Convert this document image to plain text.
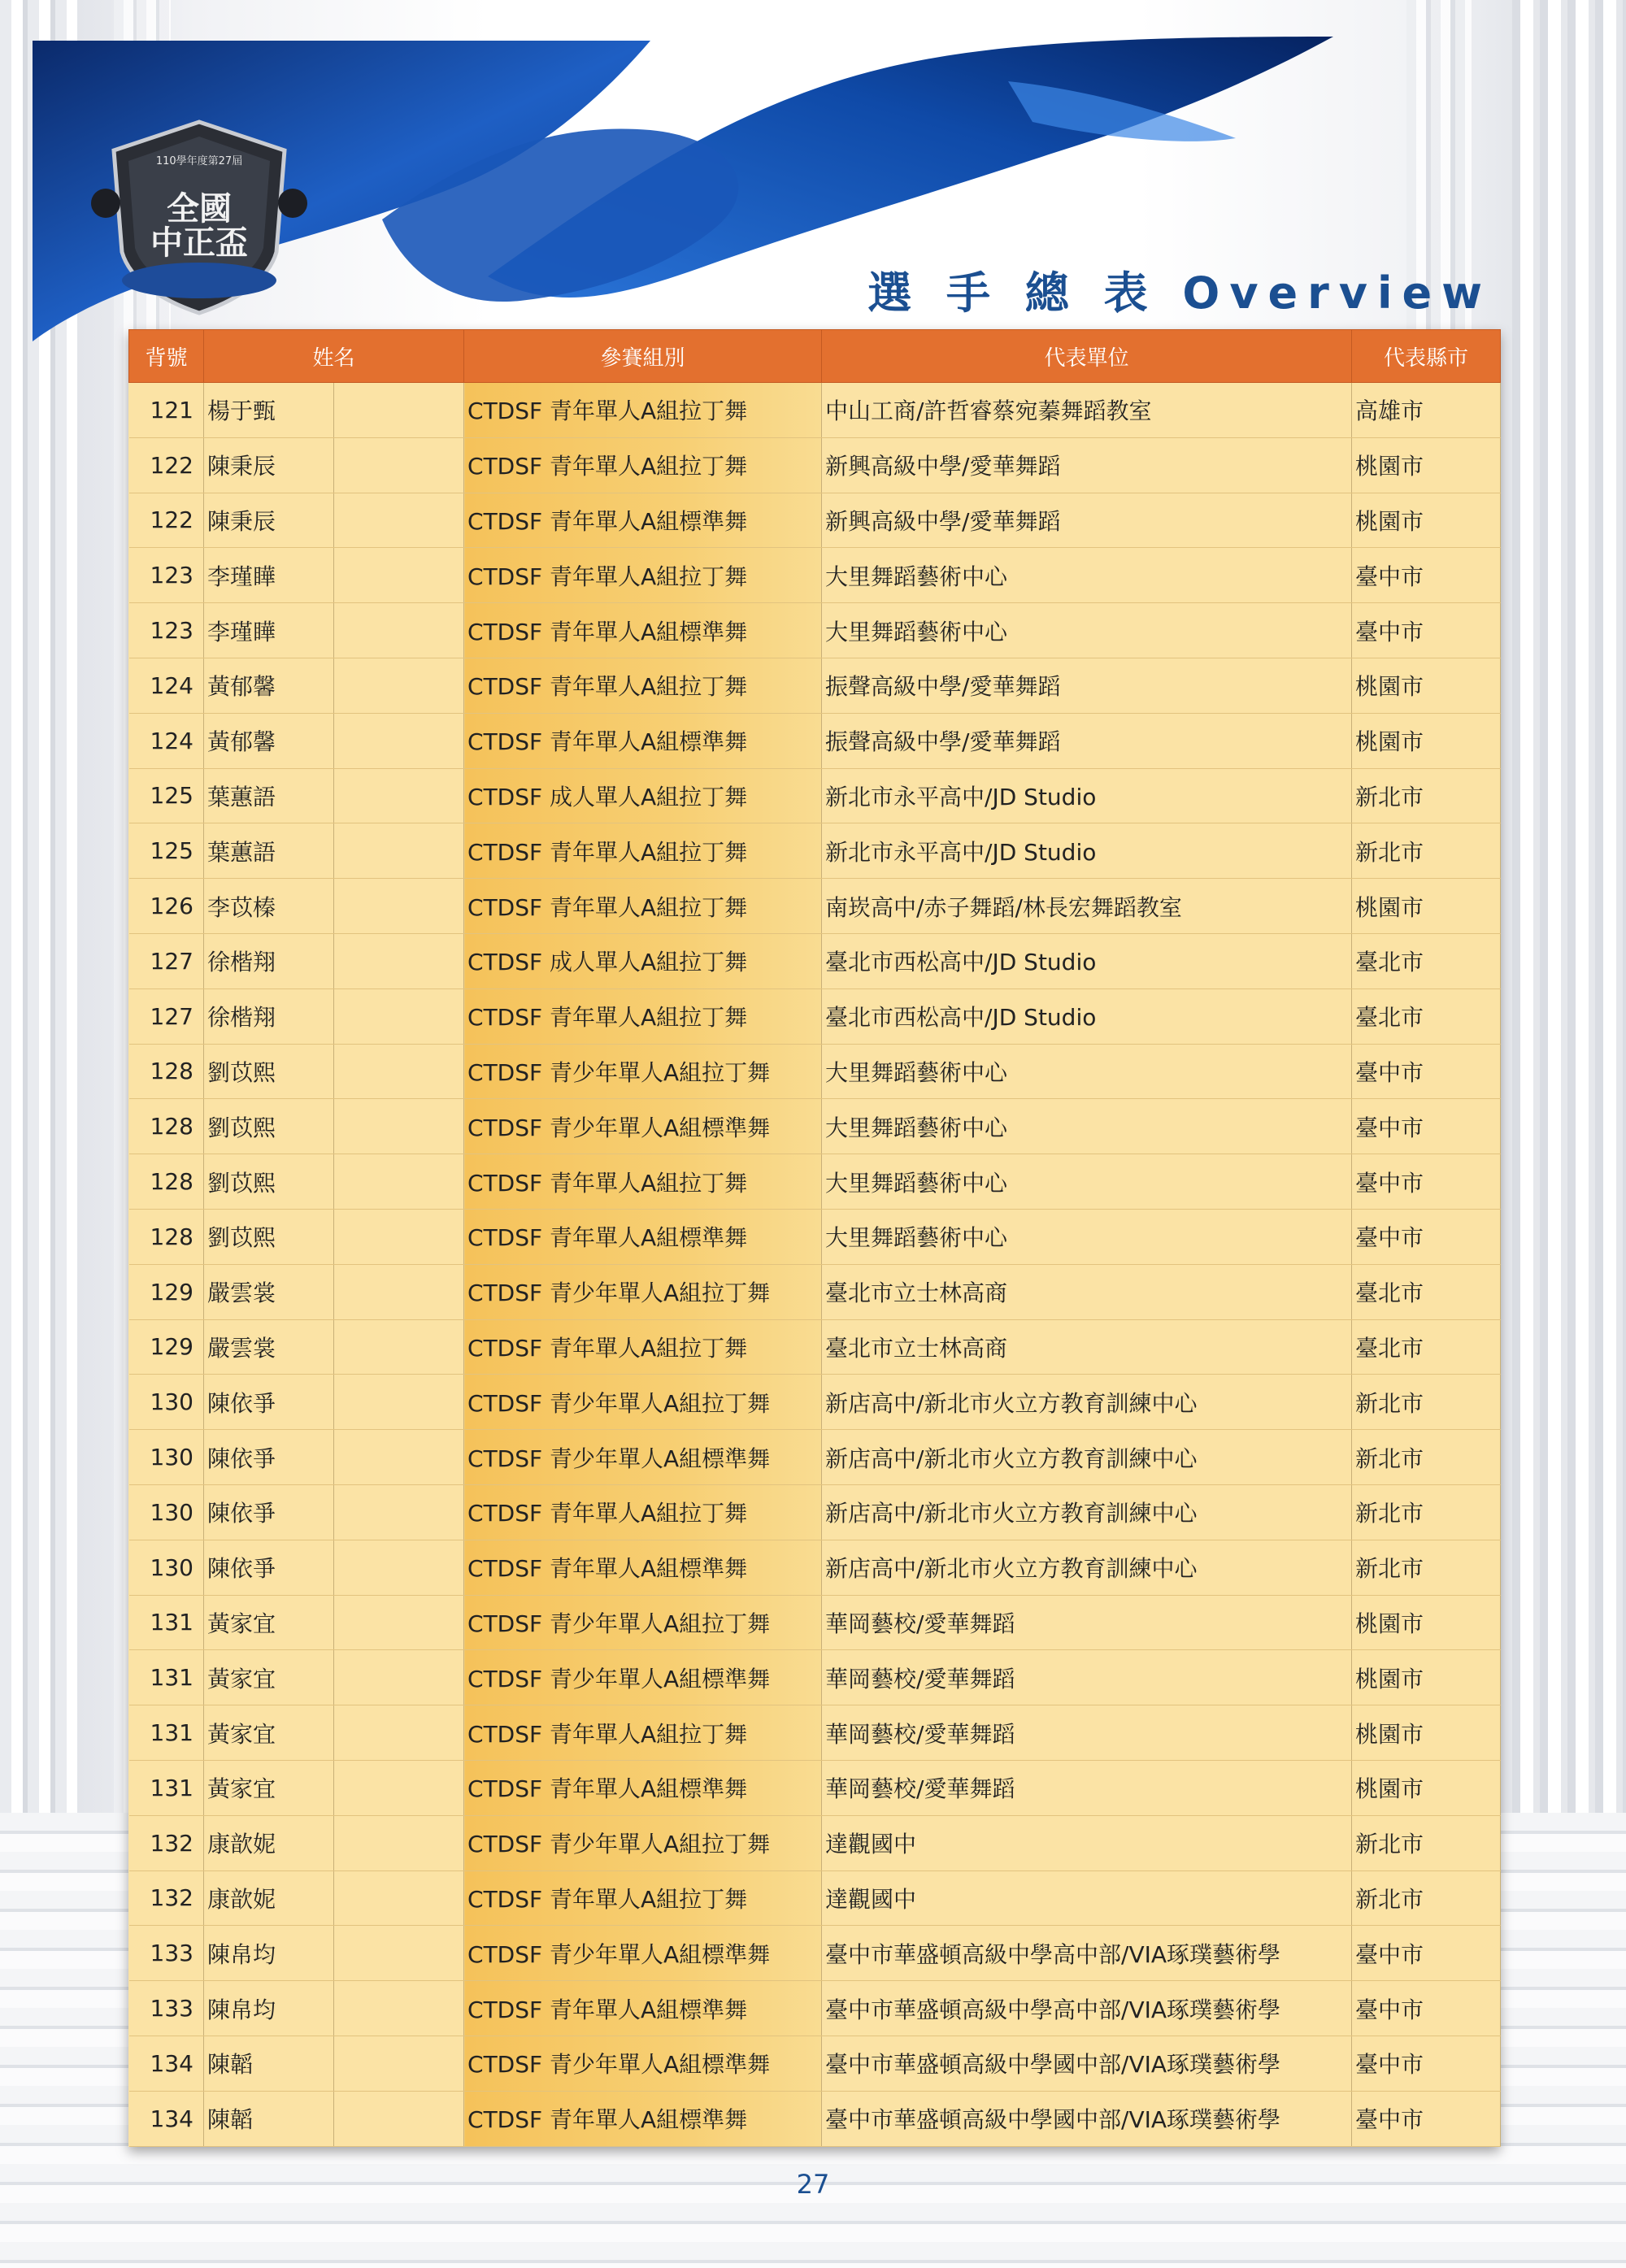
110學年度第27屆
全國
中正盃
選 手 總 表 Overview
背號	姓名		參賽組別	代表單位	代表縣市
121	楊于甄		CTDSF 青年單人A組拉丁舞	中山工商/許哲睿蔡宛蓁舞蹈教室	高雄市
122	陳秉辰		CTDSF 青年單人A組拉丁舞	新興高級中學/愛華舞蹈	桃園市
122	陳秉辰		CTDSF 青年單人A組標準舞	新興高級中學/愛華舞蹈	桃園市
123	李瑾瞱		CTDSF 青年單人A組拉丁舞	大里舞蹈藝術中心	臺中市
123	李瑾瞱		CTDSF 青年單人A組標準舞	大里舞蹈藝術中心	臺中市
124	黃郁馨		CTDSF 青年單人A組拉丁舞	振聲高級中學/愛華舞蹈	桃園市
124	黃郁馨		CTDSF 青年單人A組標準舞	振聲高級中學/愛華舞蹈	桃園市
125	葉蕙語		CTDSF 成人單人A組拉丁舞	新北市永平高中/JD Studio	新北市
125	葉蕙語		CTDSF 青年單人A組拉丁舞	新北市永平高中/JD Studio	新北市
126	李苡榛		CTDSF 青年單人A組拉丁舞	南崁高中/赤子舞蹈/林長宏舞蹈教室	桃園市
127	徐楷翔		CTDSF 成人單人A組拉丁舞	臺北市西松高中/JD Studio	臺北市
127	徐楷翔		CTDSF 青年單人A組拉丁舞	臺北市西松高中/JD Studio	臺北市
128	劉苡熙		CTDSF 青少年單人A組拉丁舞	大里舞蹈藝術中心	臺中市
128	劉苡熙		CTDSF 青少年單人A組標準舞	大里舞蹈藝術中心	臺中市
128	劉苡熙		CTDSF 青年單人A組拉丁舞	大里舞蹈藝術中心	臺中市
128	劉苡熙		CTDSF 青年單人A組標準舞	大里舞蹈藝術中心	臺中市
129	嚴雲裳		CTDSF 青少年單人A組拉丁舞	臺北市立士林高商	臺北市
129	嚴雲裳		CTDSF 青年單人A組拉丁舞	臺北市立士林高商	臺北市
130	陳依爭		CTDSF 青少年單人A組拉丁舞	新店高中/新北市火立方教育訓練中心	新北市
130	陳依爭		CTDSF 青少年單人A組標準舞	新店高中/新北市火立方教育訓練中心	新北市
130	陳依爭		CTDSF 青年單人A組拉丁舞	新店高中/新北市火立方教育訓練中心	新北市
130	陳依爭		CTDSF 青年單人A組標準舞	新店高中/新北市火立方教育訓練中心	新北市
131	黃家宜		CTDSF 青少年單人A組拉丁舞	華岡藝校/愛華舞蹈	桃園市
131	黃家宜		CTDSF 青少年單人A組標準舞	華岡藝校/愛華舞蹈	桃園市
131	黃家宜		CTDSF 青年單人A組拉丁舞	華岡藝校/愛華舞蹈	桃園市
131	黃家宜		CTDSF 青年單人A組標準舞	華岡藝校/愛華舞蹈	桃園市
132	康歆妮		CTDSF 青少年單人A組拉丁舞	達觀國中	新北市
132	康歆妮		CTDSF 青年單人A組拉丁舞	達觀國中	新北市
133	陳帛均		CTDSF 青少年單人A組標準舞	臺中市華盛頓高級中學高中部/VIA琢璞藝術學	臺中市
133	陳帛均		CTDSF 青年單人A組標準舞	臺中市華盛頓高級中學高中部/VIA琢璞藝術學	臺中市
134	陳韜		CTDSF 青少年單人A組標準舞	臺中市華盛頓高級中學國中部/VIA琢璞藝術學	臺中市
134	陳韜		CTDSF 青年單人A組標準舞	臺中市華盛頓高級中學國中部/VIA琢璞藝術學	臺中市
27
